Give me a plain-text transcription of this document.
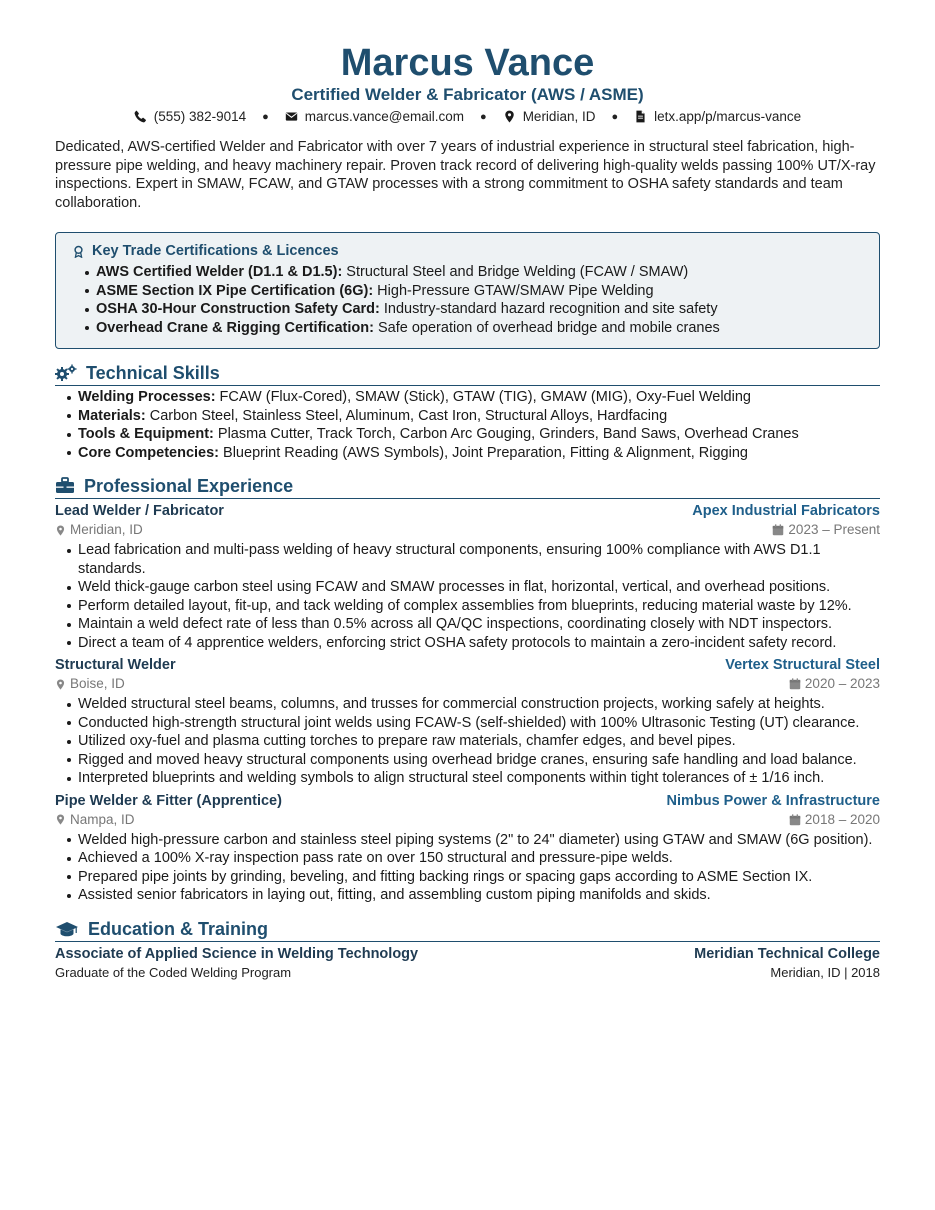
Marcus Vance
Certified Welder & Fabricator (AWS / ASME)
(555) 382-9014 ●	marcus.vance@email.com ●	Meridian, ID ●	letx.app/p/marcus-vance
Dedicated, AWS-certified Welder and Fabricator with over 7 years of industrial experience in structural steel fabrication, high-pressure pipe welding, and heavy machinery repair. Proven track record of delivering high-quality welds passing 100% UT/X-ray inspections. Expert in SMAW, FCAW, and GTAW processes with a strong commitment to OSHA safety standards and team collaboration.
Key Trade Certifications & Licences
AWS Certified Welder (D1.1 & D1.5): Structural Steel and Bridge Welding (FCAW / SMAW)
ASME Section IX Pipe Certification (6G): High-Pressure GTAW/SMAW Pipe Welding
OSHA 30-Hour Construction Safety Card: Industry-standard hazard recognition and site safety
Overhead Crane & Rigging Certification: Safe operation of overhead bridge and mobile cranes
Technical Skills
Welding Processes: FCAW (Flux-Cored), SMAW (Stick), GTAW (TIG), GMAW (MIG), Oxy-Fuel Welding
Materials: Carbon Steel, Stainless Steel, Aluminum, Cast Iron, Structural Alloys, Hardfacing
Tools & Equipment: Plasma Cutter, Track Torch, Carbon Arc Gouging, Grinders, Band Saws, Overhead Cranes
Core Competencies: Blueprint Reading (AWS Symbols), Joint Preparation, Fitting & Alignment, Rigging
Professional Experience
Lead Welder / Fabricator	Apex Industrial Fabricators
Meridian, ID	2023 – Present
Lead fabrication and multi-pass welding of heavy structural components, ensuring 100% compliance with AWS D1.1 standards.
Weld thick-gauge carbon steel using FCAW and SMAW processes in flat, horizontal, vertical, and overhead positions.
Perform detailed layout, fit-up, and tack welding of complex assemblies from blueprints, reducing material waste by 12%.
Maintain a weld defect rate of less than 0.5% across all QA/QC inspections, coordinating closely with NDT inspectors.
Direct a team of 4 apprentice welders, enforcing strict OSHA safety protocols to maintain a zero-incident safety record.
Structural Welder	Vertex Structural Steel
Boise, ID	2020 – 2023
Welded structural steel beams, columns, and trusses for commercial construction projects, working safely at heights.
Conducted high-strength structural joint welds using FCAW-S (self-shielded) with 100% Ultrasonic Testing (UT) clearance.
Utilized oxy-fuel and plasma cutting torches to prepare raw materials, chamfer edges, and bevel pipes.
Rigged and moved heavy structural components using overhead bridge cranes, ensuring safe handling and load balance.
Interpreted blueprints and welding symbols to align structural steel components within tight tolerances of ± 1/16 inch.
Pipe Welder & Fitter (Apprentice)	Nimbus Power & Infrastructure
Nampa, ID	2018 – 2020
Welded high-pressure carbon and stainless steel piping systems (2" to 24" diameter) using GTAW and SMAW (6G position).
Achieved a 100% X-ray inspection pass rate on over 150 structural and pressure-pipe welds.
Prepared pipe joints by grinding, beveling, and fitting backing rings or spacing gaps according to ASME Section IX.
Assisted senior fabricators in laying out, fitting, and assembling custom piping manifolds and skids.
Education & Training
Associate of Applied Science in Welding Technology	Meridian Technical College
Graduate of the Coded Welding Program	Meridian, ID | 2018
